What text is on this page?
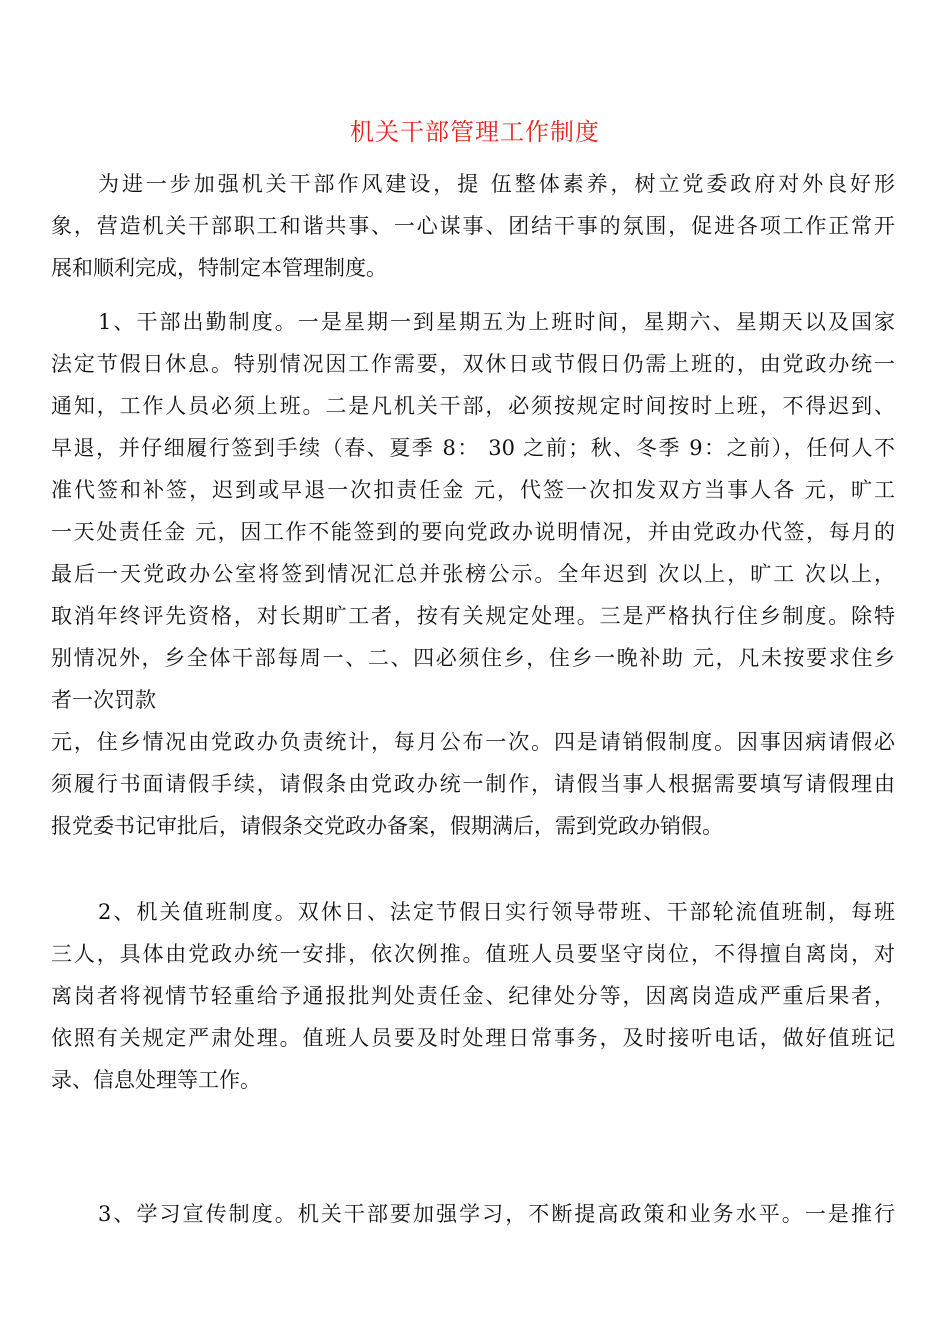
机关干部管理工作制度
为进一步加强机关干部作风建设，提 伍整体素养，树立党委政府对外良好形
象，营造机关干部职工和谐共事、一心谋事、团结干事的氛围，促进各项工作正常开
展和顺利完成，特制定本管理制度。
1、干部出勤制度。一是星期一到星期五为上班时间，星期六、星期天以及国家
法定节假日休息。特别情况因工作需要，双休日或节假日仍需上班的，由党政办统一
通知，工作人员必须上班。二是凡机关干部，必须按规定时间按时上班，不得迟到、
早退，并仔细履行签到手续（春、夏季 8： 30 之前；秋、冬季 9：之前），任何人不
准代签和补签，迟到或早退一次扣责任金 元，代签一次扣发双方当事人各 元，旷工
一天处责任金 元，因工作不能签到的要向党政办说明情况，并由党政办代签，每月的
最后一天党政办公室将签到情况汇总并张榜公示。全年迟到 次以上，旷工 次以上，
取消年终评先资格，对长期旷工者，按有关规定处理。三是严格执行住乡制度。除特
别情况外，乡全体干部每周一、二、四必须住乡，住乡一晚补助 元，凡未按要求住乡
者一次罚款
元，住乡情况由党政办负责统计，每月公布一次。四是请销假制度。因事因病请假必
须履行书面请假手续，请假条由党政办统一制作，请假当事人根据需要填写请假理由
报党委书记审批后，请假条交党政办备案，假期满后，需到党政办销假。
2、机关值班制度。双休日、法定节假日实行领导带班、干部轮流值班制，每班
三人，具体由党政办统一安排，依次例推。值班人员要坚守岗位，不得擅自离岗，对
离岗者将视情节轻重给予通报批判处责任金、纪律处分等，因离岗造成严重后果者，
依照有关规定严肃处理。值班人员要及时处理日常事务，及时接听电话，做好值班记
录、信息处理等工作。
3、学习宣传制度。机关干部要加强学习，不断提高政策和业务水平。一是推行
